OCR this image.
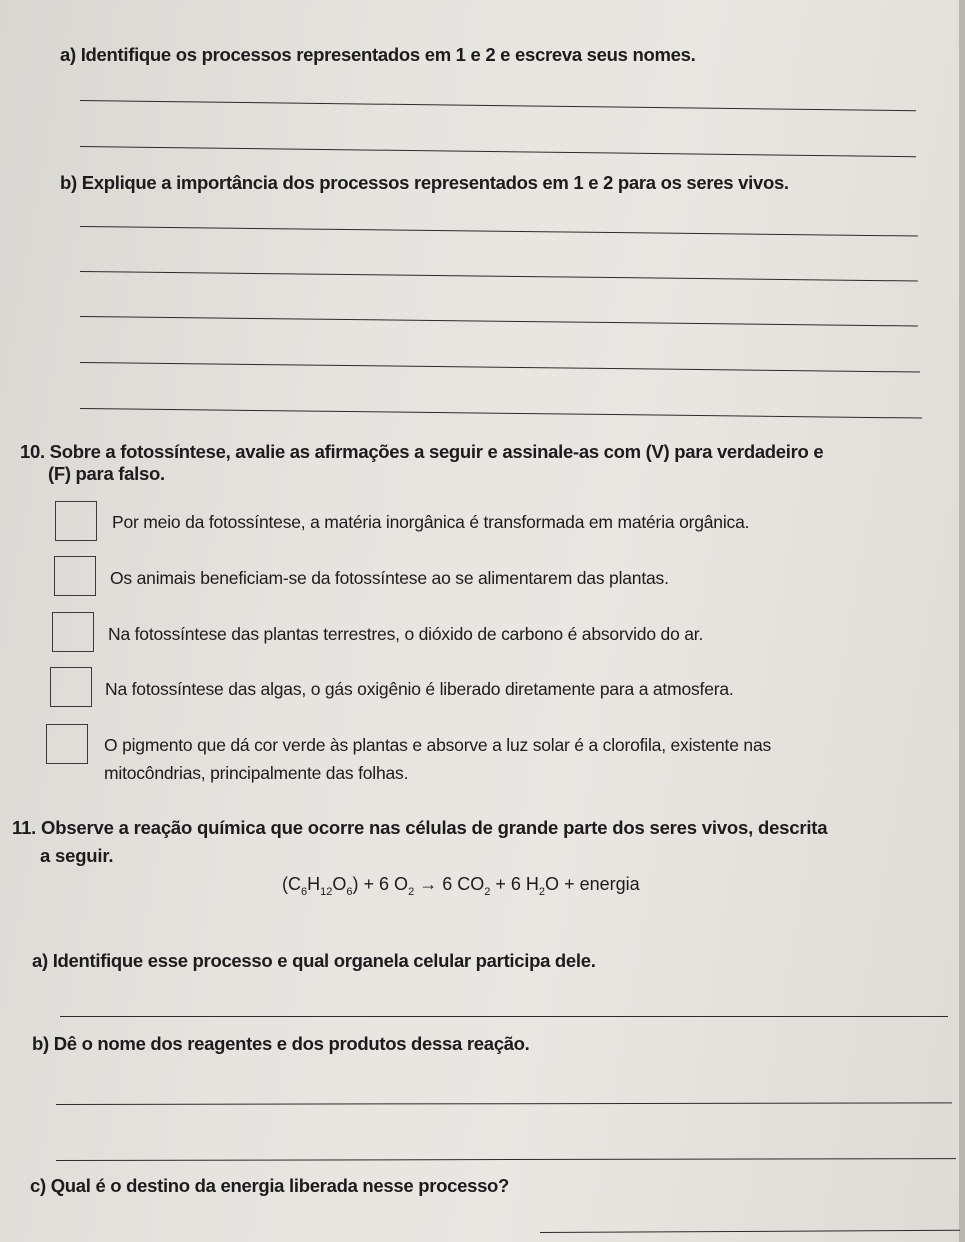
a) Identifique os processos representados em 1 e 2 e escreva seus nomes.
b) Explique a importância dos processos representados em 1 e 2 para os seres vivos.
10. Sobre a fotossíntese, avalie as afirmações a seguir e assinale-as com (V) para verdadeiro e
(F) para falso.
Por meio da fotossíntese, a matéria inorgânica é transformada em matéria orgânica.
Os animais beneficiam-se da fotossíntese ao se alimentarem das plantas.
Na fotossíntese das plantas terrestres, o dióxido de carbono é absorvido do ar.
Na fotossíntese das algas, o gás oxigênio é liberado diretamente para a atmosfera.
O pigmento que dá cor verde às plantas e absorve a luz solar é a clorofila, existente nas
mitocôndrias, principalmente das folhas.
11. Observe a reação química que ocorre nas células de grande parte dos seres vivos, descrita
a seguir.
$(C_6H_{12}O_6) + 6$ $O_2 \to 6$ $CO_2 + 6$ $H_2O$ + energia
a) Identifique esse processo e qual organela celular participa dele.
b) Dê o nome dos reagentes e dos produtos dessa reação.
c) Qual é o destino da energia liberada nesse processo?
